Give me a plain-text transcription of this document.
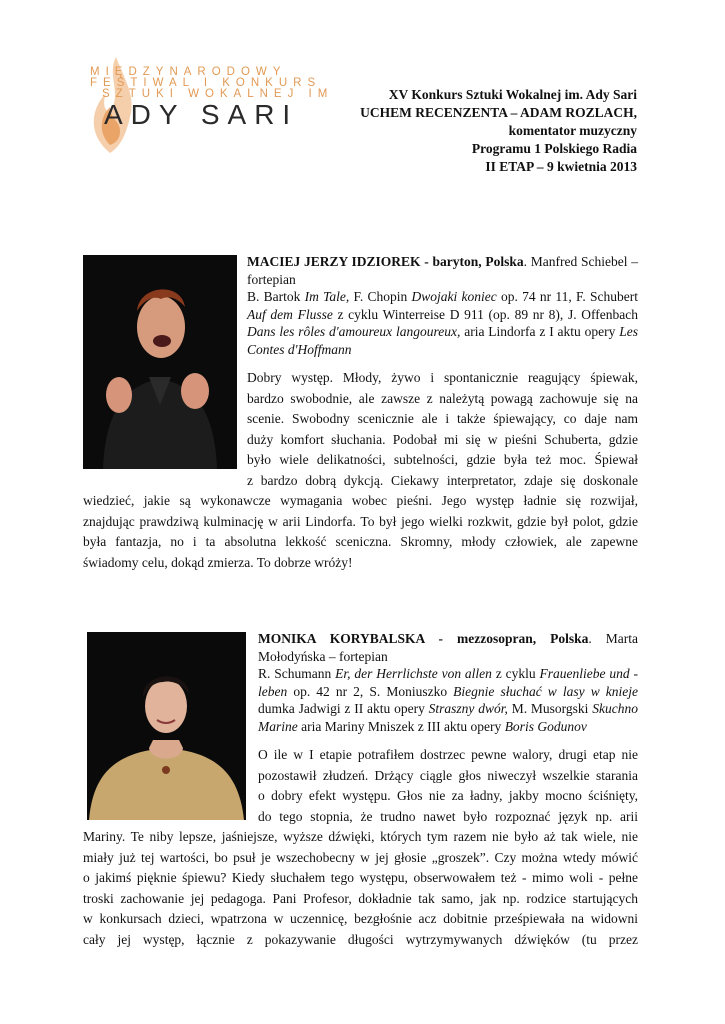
MIĘDZYNARODOWY
FESTIWAL I KONKURS
SZTUKI WOKALNEJ IM
ADY SARI
XV Konkurs Sztuki Wokalnej im. Ady Sari
UCHEM RECENZENTA – ADAM ROZLACH,
komentator muzyczny
Programu 1 Polskiego Radia
II ETAP – 9 kwietnia 2013
MACIEJ JERZY IDZIOREK - baryton, Polska. Manfred Schiebel – fortepian
B. Bartok Im Tale, F. Chopin Dwojaki koniec op. 74 nr 11, F. Schubert Auf dem Flusse z cyklu Winterreise D 911 (op. 89 nr 8), J. Offenbach Dans les rôles d'amoureux langoureux, aria Lindorfa z I aktu opery Les Contes d'Hoffmann
Dobry występ. Młody, żywo i spontanicznie reagujący śpiewak,
bardzo swobodnie, ale zawsze z należytą powagą zachowuje się na
scenie. Swobodny scenicznie ale i także śpiewający, co daje nam
duży komfort słuchania. Podobał mi się w pieśni Schuberta, gdzie
było wiele delikatności, subtelności, gdzie była też moc. Śpiewał
z bardzo dobrą dykcją. Ciekawy interpretator, zdaje się doskonale
wiedzieć, jakie są wykonawcze wymagania wobec pieśni. Jego występ ładnie się rozwijał,
znajdując prawdziwą kulminację w arii Lindorfa. To był jego wielki rozkwit, gdzie był polot, gdzie
była fantazja, no i ta absolutna lekkość sceniczna. Skromny, młody człowiek, ale zapewne
świadomy celu, dokąd zmierza. To dobrze wróży!
MONIKA KORYBALSKA - mezzosopran, Polska. Marta Mołodyńska – fortepian
R. Schumann Er, der Herrlichste von allen z cyklu Frauenliebe und -leben op. 42 nr 2, S. Moniuszko Biegnie słuchać w lasy w knieje dumka Jadwigi z II aktu opery Straszny dwór, M. Musorgski Skuchno Marine aria Mariny Mniszek z III aktu opery Boris Godunov
O ile w I etapie potrafiłem dostrzec pewne walory, drugi etap nie
pozostawił złudzeń. Drżący ciągle głos niweczył wszelkie starania
o dobry efekt występu. Głos nie za ładny, jakby mocno ściśnięty,
do tego stopnia, że trudno nawet było rozpoznać język np. arii
Mariny. Te niby lepsze, jaśniejsze, wyższe dźwięki, których tym razem nie było aż tak wiele, nie
miały już tej wartości, bo psuł je wszechobecny w jej głosie „groszek”. Czy można wtedy mówić
o jakimś pięknie śpiewu? Kiedy słuchałem tego występu, obserwowałem też - mimo woli - pełne
troski zachowanie jej pedagoga. Pani Profesor, dokładnie tak samo, jak np. rodzice startujących
w konkursach dzieci, wpatrzona w uczennicę, bezgłośnie acz dobitnie prześpiewała na widowni
cały jej występ, łącznie z pokazywanie długości wytrzymywanych dźwięków (tu przez
